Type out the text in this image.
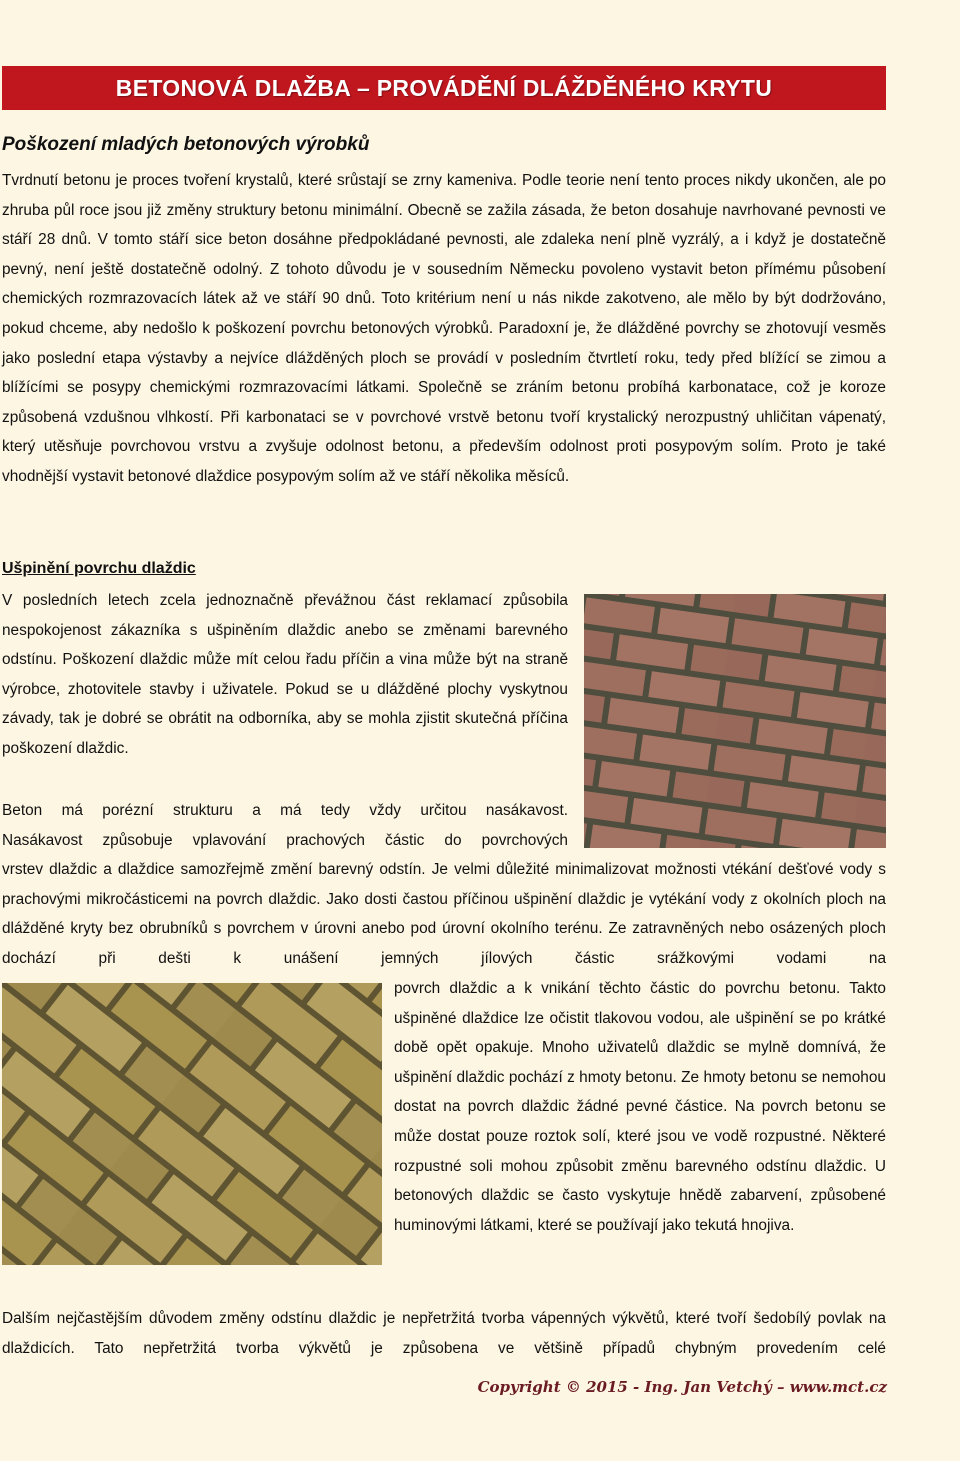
BETONOVÁ DLAŽBA – PROVÁDĚNÍ DLÁŽDĚNÉHO KRYTU
Poškození mladých betonových výrobků

Tvrdnutí betonu je proces tvoření krystalů, které srůstají se zrny kameniva. Podle teorie není tento proces nikdy ukončen, ale po zhruba půl roce jsou již změny struktury betonu minimální. Obecně se zažila zásada, že beton dosahuje navrhované pevnosti ve stáří 28 dnů. V tomto stáří sice beton dosáhne předpokládané pevnosti, ale zdaleka není plně vyzrálý, a i když je dostatečně pevný, není ještě dostatečně odolný. Z tohoto důvodu je v sousedním Německu povoleno vystavit beton přímému působení chemických rozmrazovacích látek až ve stáří 90 dnů. Toto kritérium není u nás nikde zakotveno, ale mělo by být dodržováno, pokud chceme, aby nedošlo k poškození povrchu betonových výrobků. Paradoxní je, že dlážděné povrchy se zhotovují vesměs jako poslední etapa výstavby a nejvíce dlážděných ploch se provádí v posledním čtvrtletí roku, tedy před blížící se zimou a blížícími se posypy chemickými rozmrazovacími látkami. Společně se zráním betonu probíhá karbonatace, což je koroze způsobená vzdušnou vlhkostí. Při karbonataci se v povrchové vrstvě betonu tvoří krystalický nerozpustný uhličitan vápenatý, který utěsňuje povrchovou vrstvu a zvyšuje odolnost betonu, a především odolnost proti posypovým solím. Proto je také vhodnější vystavit betonové dlaždice posypovým solím až ve stáří několika měsíců.

Ušpinění povrchu dlaždic

V posledních letech zcela jednoznačně převážnou část reklamací způsobila nespokojenost zákazníka s ušpiněním dlaždic anebo se změnami barevného odstínu. Poškození dlaždic může mít celou řadu příčin a vina může být na straně výrobce, zhotovitele stavby i uživatele. Pokud se u dlážděné plochy vyskytnou závady, tak je dobré se obrátit na odborníka, aby se mohla zjistit skutečná příčina poškození dlaždic.

Beton má porézní strukturu a má tedy vždy určitou nasákavost.
Nasákavost způsobuje vplavování prachových částic do povrchových

vrstev dlaždic a dlaždice samozřejmě změní barevný odstín. Je velmi důležité minimalizovat možnosti vtékání dešťové vody s prachovými mikročásticemi na povrch dlaždic. Jako dosti častou příčinou ušpinění dlaždic je vytékání vody z okolních ploch na dlážděné kryty bez obrubníků s povrchem v úrovni anebo pod úrovní okolního terénu. Ze zatravněných nebo osázených ploch dochází při dešti k unášení jemných jílových částic srážkovými vodami na

povrch dlaždic a k vnikání těchto částic do povrchu betonu. Takto ušpiněné dlaždice lze očistit tlakovou vodou, ale ušpinění se po krátké době opět opakuje. Mnoho uživatelů dlaždic se mylně domnívá, že ušpinění dlaždic pochází z hmoty betonu. Ze hmoty betonu se nemohou dostat na povrch dlaždic žádné pevné částice. Na povrch betonu se může dostat pouze roztok solí, které jsou ve vodě rozpustné. Některé rozpustné soli mohou způsobit změnu barevného odstínu dlaždic. U betonových dlaždic se často vyskytuje hnědě zabarvení, způsobené huminovými látkami, které se používají jako tekutá hnojiva.

Dalším nejčastějším důvodem změny odstínu dlaždic je nepřetržitá tvorba vápenných výkvětů, které tvoří šedobílý povlak na dlaždicích. Tato nepřetržitá tvorba výkvětů je způsobena ve většině případů chybným provedením celé

Copyright © 2015 - Ing. Jan Vetchý – www.mct.cz
